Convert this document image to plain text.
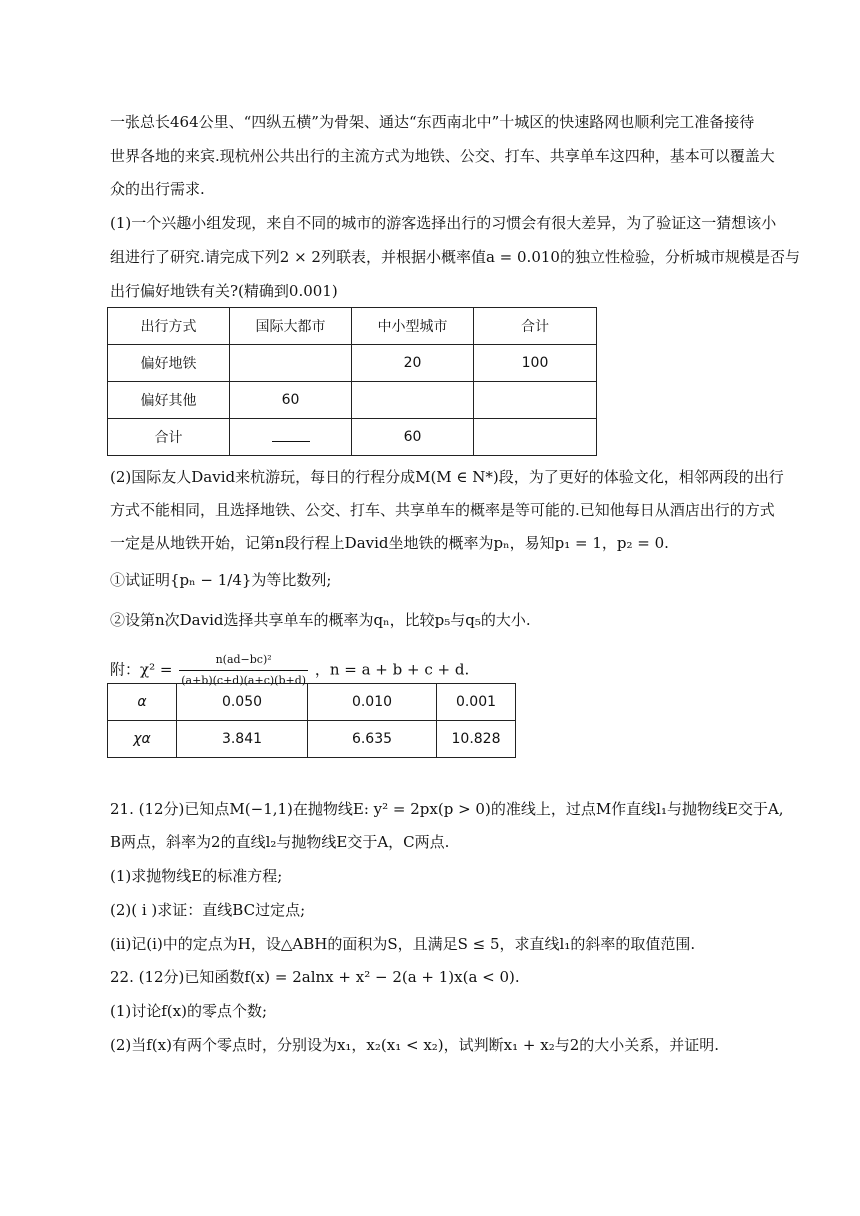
一张总长464公里、“四纵五横”为骨架、通达“东西南北中”十城区的快速路网也顺利完工准备接待
世界各地的来宾.现杭州公共出行的主流方式为地铁、公交、打车、共享单车这四种，基本可以覆盖大
众的出行需求.
(1)一个兴趣小组发现，来自不同的城市的游客选择出行的习惯会有很大差异，为了验证这一猜想该小
组进行了研究.请完成下列2 × 2列联表，并根据小概率值a = 0.010的独立性检验，分析城市规模是否与
出行偏好地铁有关?(精确到0.001)
出行方式	国际大都市	中小型城市	合计
偏好地铁		20	100
偏好其他	60		
合计		60	
(2)国际友人David来杭游玩，每日的行程分成M(M ∈ N*)段，为了更好的体验文化，相邻两段的出行
方式不能相同，且选择地铁、公交、打车、共享单车的概率是等可能的.已知他每日从酒店出行的方式
一定是从地铁开始，记第n段行程上David坐地铁的概率为pₙ，易知p₁ = 1，p₂ = 0.
①试证明{pₙ − 1/4}为等比数列;
②设第n次David选择共享单车的概率为qₙ，比较p₅与q₅的大小.
附：$\chi^2 = \frac{\text{n(ad−bc)²}}{(a+b)(c+d)(a+c)(b+d)}$ ，n = a + b + c + d.
α	0.050	0.010	0.001
χα	3.841	6.635	10.828
21. (12分)已知点M(−1,1)在抛物线E: y² = 2px(p > 0)的准线上，过点M作直线l₁与抛物线E交于A,
B两点，斜率为2的直线l₂与抛物线E交于A，C两点.
(1)求抛物线E的标准方程;
(2)( i )求证：直线BC过定点;
(ⅱ)记(ⅰ)中的定点为H，设△ABH的面积为S，且满足S ≤ 5，求直线l₁的斜率的取值范围.
22. (12分)已知函数f(x) = 2alnx + x² − 2(a + 1)x(a < 0).
(1)讨论f(x)的零点个数;
(2)当f(x)有两个零点时，分别设为x₁，x₂(x₁ < x₂)，试判断x₁ + x₂与2的大小关系，并证明.
